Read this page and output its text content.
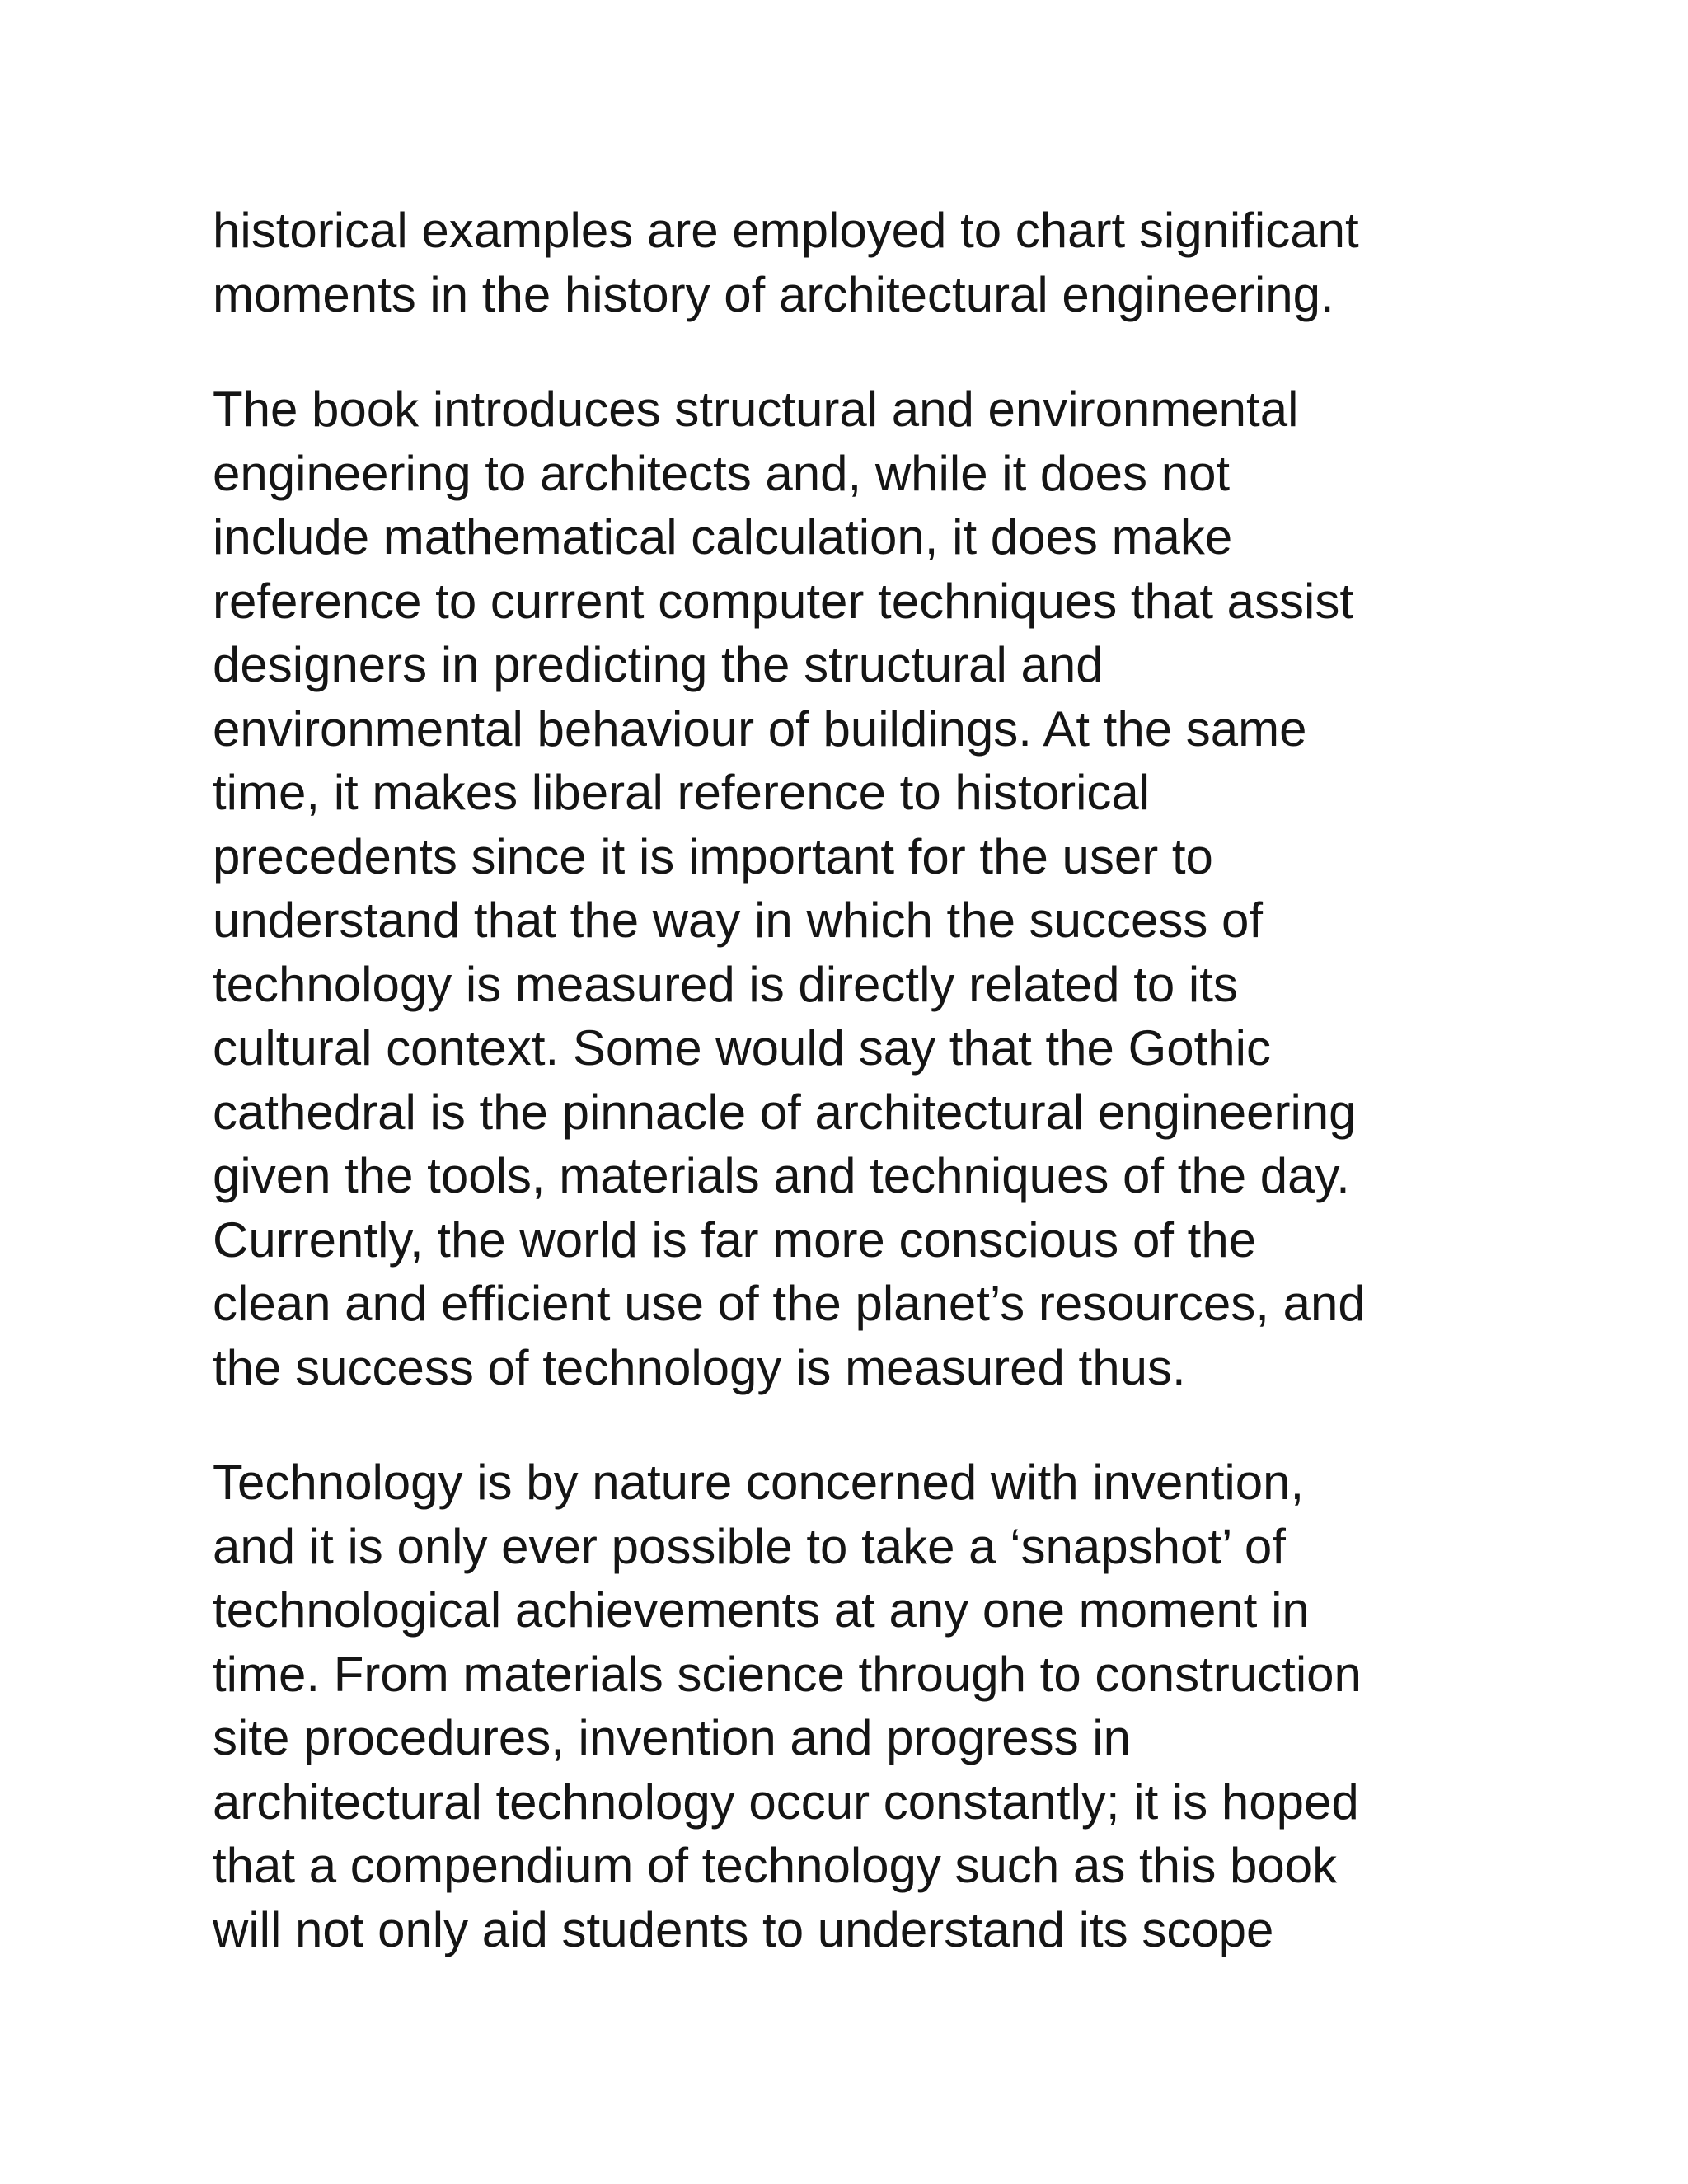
historical examples are employed to chart significant
moments in the history of architectural engineering.

The book introduces structural and environmental
engineering to architects and, while it does not
include mathematical calculation, it does make
reference to current computer techniques that assist
designers in predicting the structural and
environmental behaviour of buildings. At the same
time, it makes liberal reference to historical
precedents since it is important for the user to
understand that the way in which the success of
technology is measured is directly related to its
cultural context. Some would say that the Gothic
cathedral is the pinnacle of architectural engineering
given the tools, materials and techniques of the day.
Currently, the world is far more conscious of the
clean and efficient use of the planet’s resources, and
the success of technology is measured thus.

Technology is by nature concerned with invention,
and it is only ever possible to take a ‘snapshot’ of
technological achievements at any one moment in
time. From materials science through to construction
site procedures, invention and progress in
architectural technology occur constantly; it is hoped
that a compendium of technology such as this book
will not only aid students to understand its scope
